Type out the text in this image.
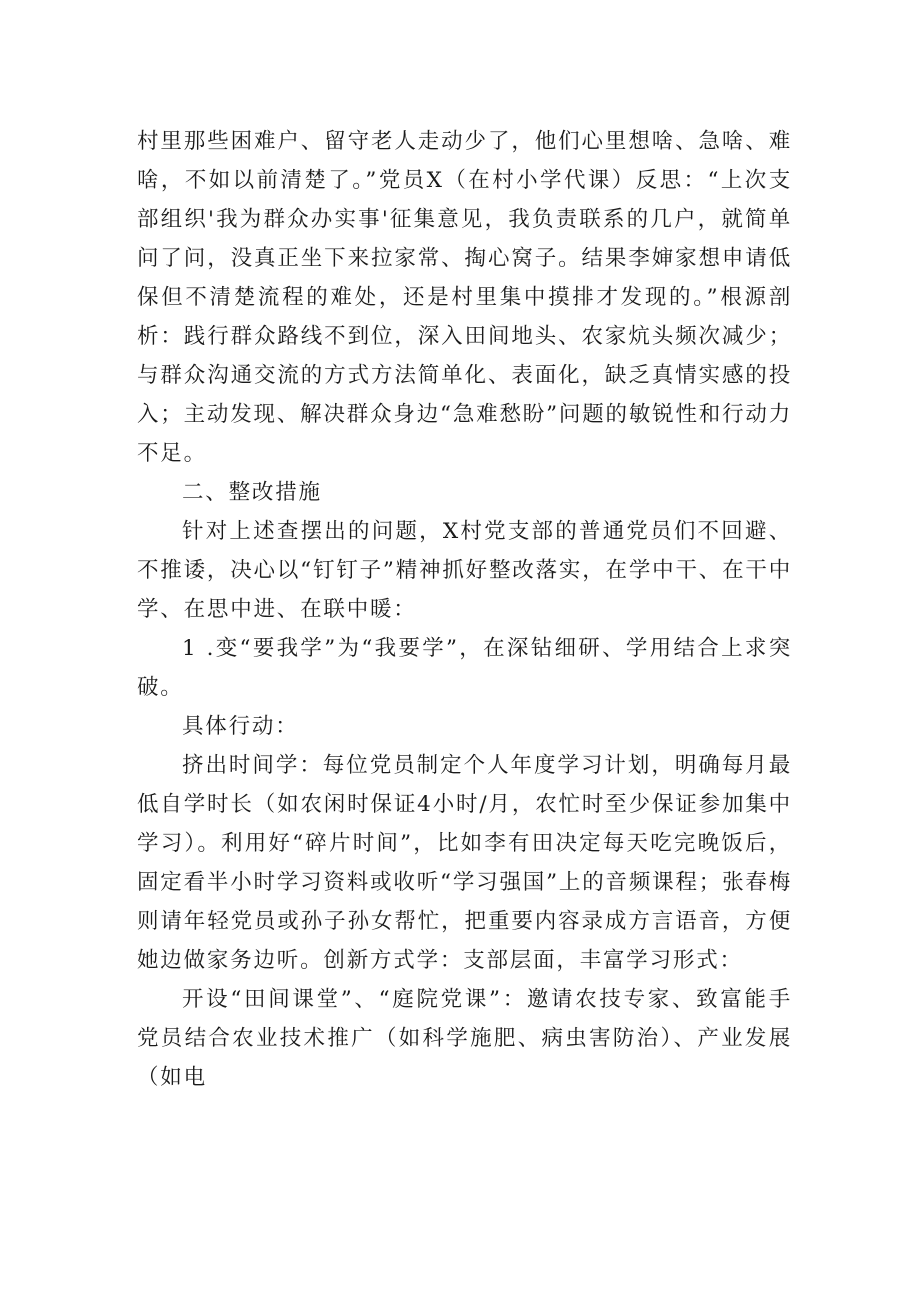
村里那些困难户、留守老人走动少了，他们心里想啥、急啥、难啥，不如以前清楚了。”党员X（在村小学代课）反思：“上次支部组织'我为群众办实事'征集意见，我负责联系的几户，就简单问了问，没真正坐下来拉家常、掏心窝子。结果李婶家想申请低保但不清楚流程的难处，还是村里集中摸排才发现的。”根源剖析：践行群众路线不到位，深入田间地头、农家炕头频次减少；与群众沟通交流的方式方法简单化、表面化，缺乏真情实感的投入；主动发现、解决群众身边“急难愁盼”问题的敏锐性和行动力不足。

二、整改措施

针对上述查摆出的问题，X村党支部的普通党员们不回避、不推诿，决心以“钉钉子”精神抓好整改落实，在学中干、在干中学、在思中进、在联中暖：

1 .变“要我学”为“我要学”，在深钻细研、学用结合上求突破。

具体行动：

挤出时间学：每位党员制定个人年度学习计划，明确每月最低自学时长（如农闲时保证4小时/月，农忙时至少保证参加集中学习）。利用好“碎片时间”，比如李有田决定每天吃完晚饭后，固定看半小时学习资料或收听“学习强国”上的音频课程；张春梅则请年轻党员或孙子孙女帮忙，把重要内容录成方言语音，方便她边做家务边听。创新方式学：支部层面，丰富学习形式：

开设“田间课堂”、“庭院党课”：邀请农技专家、致富能手党员结合农业技术推广（如科学施肥、病虫害防治）、产业发展（如电
